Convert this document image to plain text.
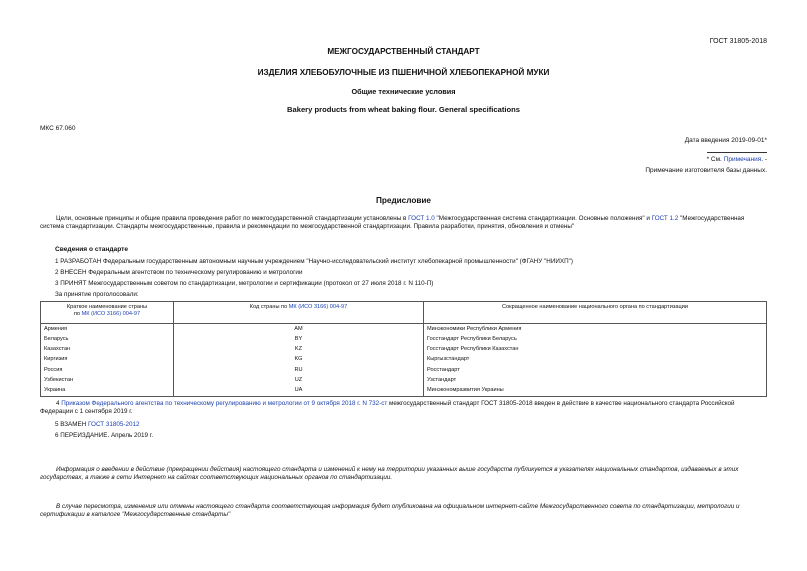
ГОСТ 31805-2018
МЕЖГОСУДАРСТВЕННЫЙ СТАНДАРТ
ИЗДЕЛИЯ ХЛЕБОБУЛОЧНЫЕ ИЗ ПШЕНИЧНОЙ ХЛЕБОПЕКАРНОЙ МУКИ
Общие технические условия
Bakery products from wheat baking flour. General specifications
МКС 67.060
Дата введения 2019-09-01*
* См. Примечания. -
Примечание изготовителя базы данных.
Предисловие
Цели, основные принципы и общие правила проведения работ по межгосударственной стандартизации установлены в ГОСТ 1.0 "Межгосударственная система стандартизации. Основные положения" и ГОСТ 1.2 "Межгосударственная система стандартизации. Стандарты межгосударственные, правила и рекомендации по межгосударственной стандартизации. Правила разработки, принятия, обновления и отмены"
Сведения о стандарте
1 РАЗРАБОТАН Федеральным государственным автономным научным учреждением "Научно-исследовательский институт хлебопекарной промышленности" (ФГАНУ "НИИХП")
2 ВНЕСЕН Федеральным агентством по техническому регулированию и метрологии
3 ПРИНЯТ Межгосударственным советом по стандартизации, метрологии и сертификации (протокол от 27 июля 2018 г. N 110-П)
За принятие проголосовали:
Краткое наименование страны
по МК (ИСО 3166) 004-97	Код страны по МК (ИСО 3166) 004-97	Сокращенное наименование национального органа по стандартизации
Армения	AM	Минэкономики Республики Армения
Беларусь	BY	Госстандарт Республики Беларусь
Казахстан	KZ	Госстандарт Республики Казахстан
Киргизия	KG	Кыргызстандарт
Россия	RU	Росстандарт
Узбекистан	UZ	Узстандарт
Украина	UA	Минэкономразвития Украины
4 Приказом Федерального агентства по техническому регулированию и метрологии от 9 октября 2018 г. N 732-ст межгосударственный стандарт ГОСТ 31805-2018 введен в действие в качестве национального стандарта Российской Федерации с 1 сентября 2019 г.
5 ВЗАМЕН ГОСТ 31805-2012
6 ПЕРЕИЗДАНИЕ. Апрель 2019 г.
Информация о введении в действие (прекращении действия) настоящего стандарта и изменений к нему на территории указанных выше государств публикуется в указателях национальных стандартов, издаваемых в этих государствах, а также в сети Интернет на сайтах соответствующих национальных органов по стандартизации.
В случае пересмотра, изменения или отмены настоящего стандарта соответствующая информация будет опубликована на официальном интернет-сайте Межгосударственного совета по стандартизации, метрологии и сертификации в каталоге "Межгосударственные стандарты"
